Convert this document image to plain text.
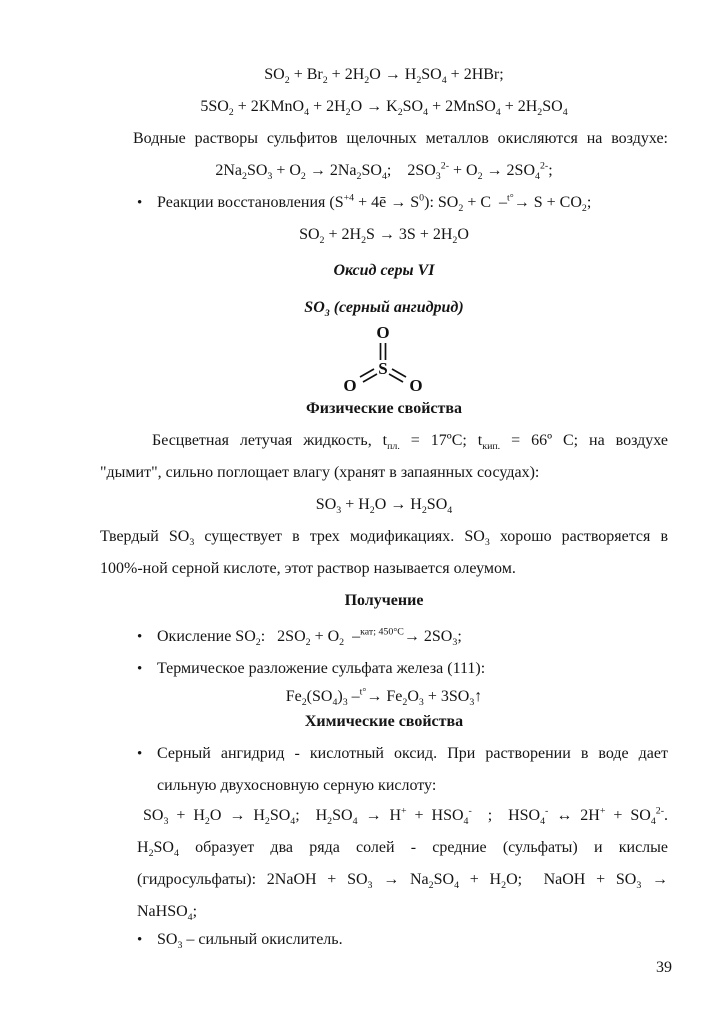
$SO_2 + Br_2 + 2H_2O \to H_2SO_4 + 2HBr$;
$5SO_2$ + 2KMnO$_4$ + $2H_2O \to K_2SO_4$ + 2MnSO$_4$ + $2H_2SO_4$
Водные растворы сульфитов щелочных металлов окисляются на воздухе:
$2Na_2SO_3 + O_2 \to 2Na_2SO_4$;    $2SO_3^{2-} + O_2 \to 2SO_4^{2-}$;
• Реакции восстановления ($S^{+4}$ + 4ē → $S^0$): $SO_2 + C$  $-^{t^\circ}\to S + CO_2$;
$SO_2 + 2H_2S \to 3S + 2H_2O$
Оксид серы VI
$SO_3$ (серный ангидрид)
O
S
O	O
Физические свойства
Бесцветная летучая жидкость, $t_{пл.}$ = 17ºC; $t_{кип.}$ = 66º С; на воздухе
"дымит", сильно поглощает влагу (хранят в запаянных сосудах):
$SO_3 + H_2O \to H_2SO_4$
Твердый $SO_3$ существует в трех модификациях. $SO_3$ хорошо растворяется в
100%-ной серной кислоте, этот раствор называется олеумом.
Получение
• Окисление $SO_2$:   $2SO_2 + O_2$  $-^{кат; 450^\circ С}\to 2SO_3$;
• Термическое разложение сульфата железа (111):
$Fe_2(SO_4)_3$ $-^{t^\circ}\to Fe_2O_3$ + $3SO_3↑$
Химические свойства
• Серный ангидрид - кислотный оксид. При растворении в воде дает
сильную двухосновную серную кислоту:
$SO_3 + H_2O \to H_2SO_4$;  $H_2SO_4 \to H^+ + HSO_4^-$  ;  $HSO_4^-$ ↔ $2H^+ + SO_4^{2-}$.
$H_2SO_4$ образует два ряда солей - средние (сульфаты) и кислые
(гидросульфаты): 2NaOH + $SO_3 \to Na_2SO_4 + H_2O$;  NaOH + $SO_3$ →
NaHSO$_4$;
• $SO_3$ – сильный окислитель.
39
